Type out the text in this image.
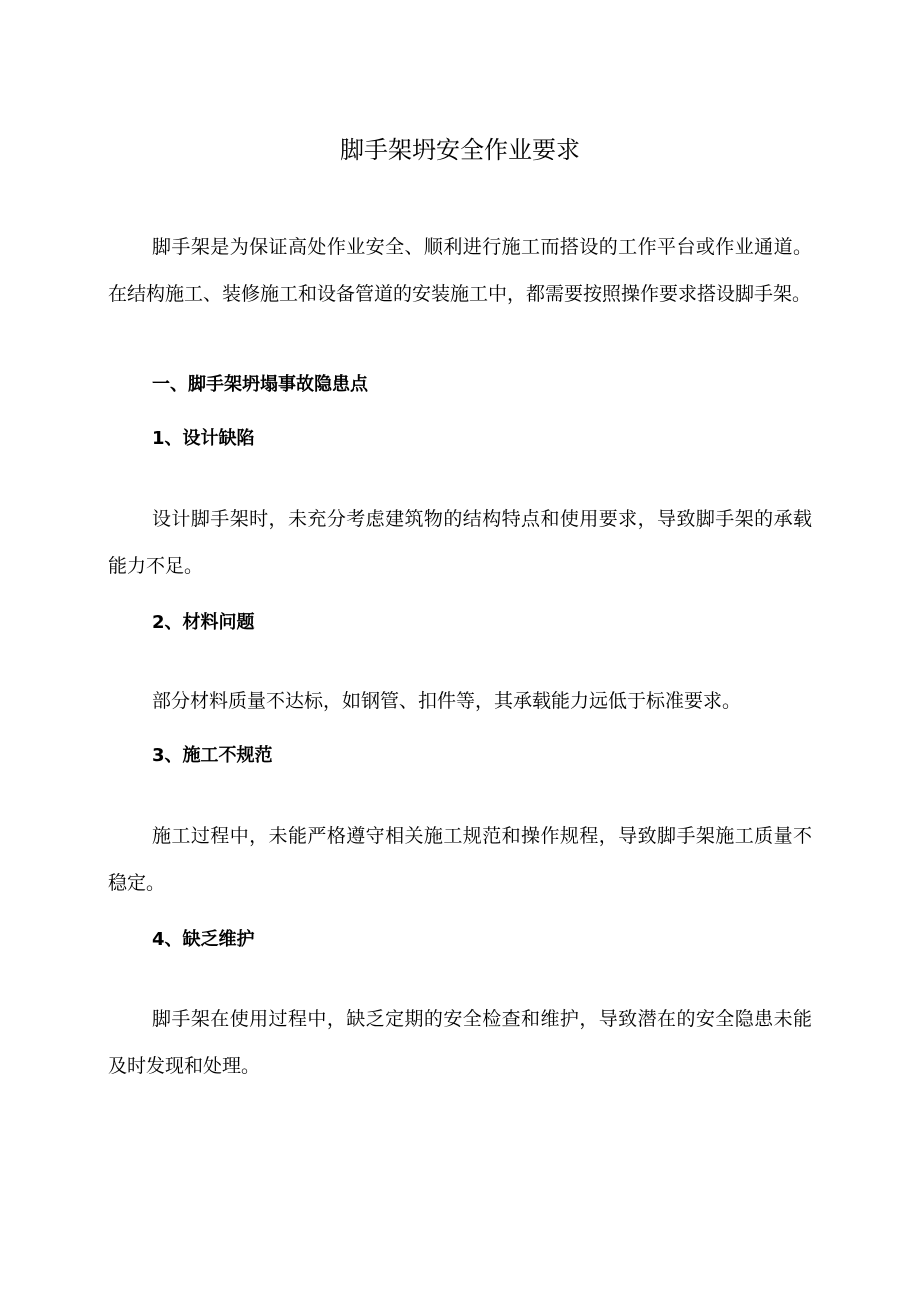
脚手架坍安全作业要求

脚手架是为保证高处作业安全、顺利进行施工而搭设的工作平台或作业通道。在结构施工、装修施工和设备管道的安装施工中，都需要按照操作要求搭设脚手架。

一、脚手架坍塌事故隐患点
1、设计缺陷

设计脚手架时，未充分考虑建筑物的结构特点和使用要求，导致脚手架的承载能力不足。

2、材料问题

部分材料质量不达标，如钢管、扣件等，其承载能力远低于标准要求。

3、施工不规范

施工过程中，未能严格遵守相关施工规范和操作规程，导致脚手架施工质量不稳定。

4、缺乏维护

脚手架在使用过程中，缺乏定期的安全检查和维护，导致潜在的安全隐患未能及时发现和处理。
